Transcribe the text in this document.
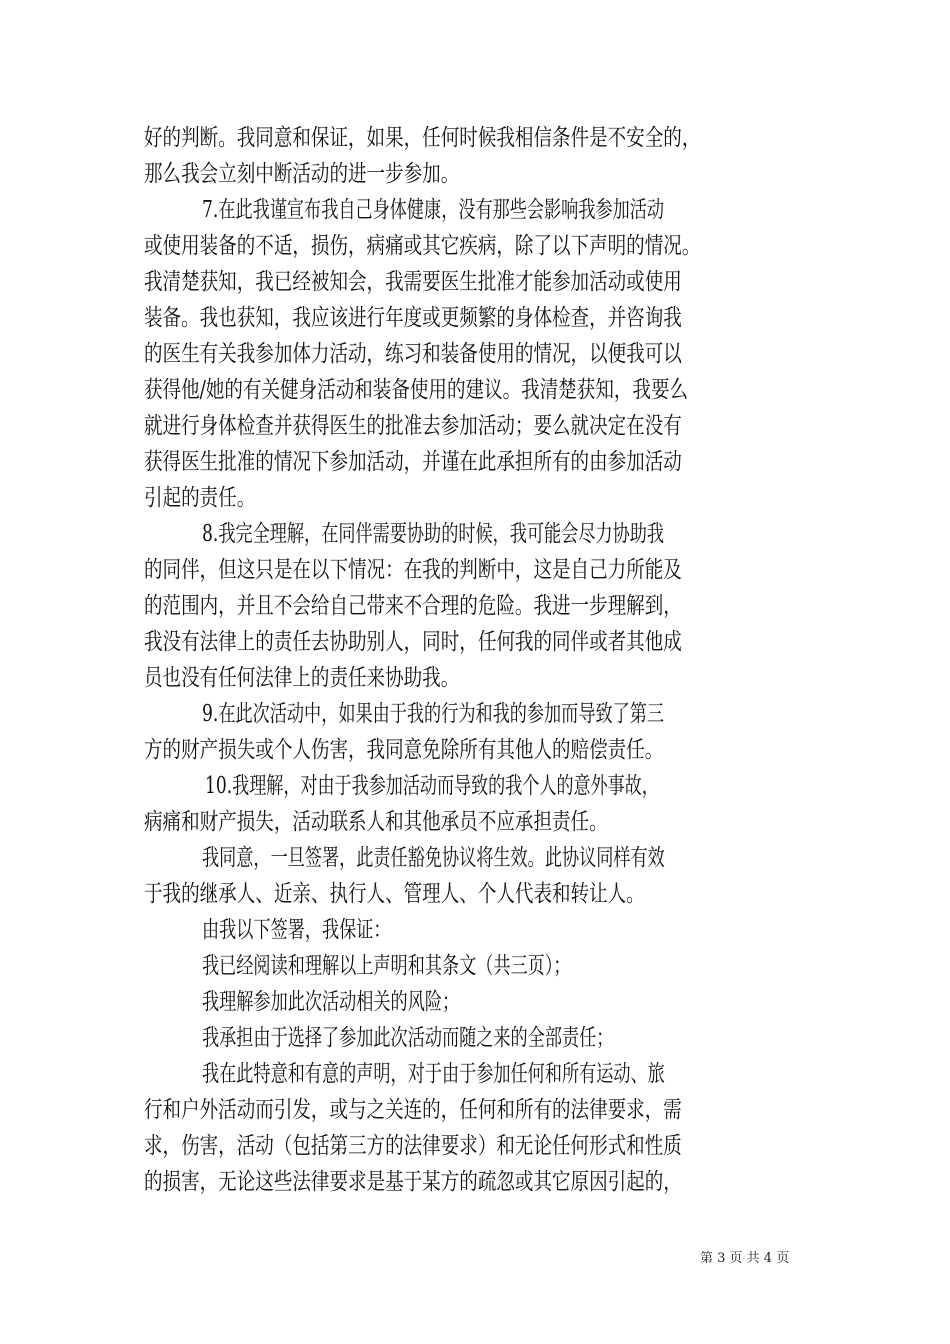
好的判断。我同意和保证，如果，任何时候我相信条件是不安全的，
那么我会立刻中断活动的进一步参加。
7.在此我谨宣布我自己身体健康，没有那些会影响我参加活动
或使用装备的不适，损伤，病痛或其它疾病，除了以下声明的情况。
我清楚获知，我已经被知会，我需要医生批准才能参加活动或使用
装备。我也获知，我应该进行年度或更频繁的身体检查，并咨询我
的医生有关我参加体力活动，练习和装备使用的情况，以便我可以
获得他/她的有关健身活动和装备使用的建议。我清楚获知，我要么
就进行身体检查并获得医生的批准去参加活动；要么就决定在没有
获得医生批准的情况下参加活动，并谨在此承担所有的由参加活动
引起的责任。
8.我完全理解，在同伴需要协助的时候，我可能会尽力协助我
的同伴，但这只是在以下情况：在我的判断中，这是自己力所能及
的范围内，并且不会给自己带来不合理的危险。我进一步理解到，
我没有法律上的责任去协助别人，同时，任何我的同伴或者其他成
员也没有任何法律上的责任来协助我。
9.在此次活动中，如果由于我的行为和我的参加而导致了第三
方的财产损失或个人伤害，我同意免除所有其他人的赔偿责任。
10.我理解，对由于我参加活动而导致的我个人的意外事故，
病痛和财产损失，活动联系人和其他承员不应承担责任。
我同意，一旦签署，此责任豁免协议将生效。此协议同样有效
于我的继承人、近亲、执行人、管理人、个人代表和转让人。
由我以下签署，我保证：
我已经阅读和理解以上声明和其条文（共三页）；
我理解参加此次活动相关的风险；
我承担由于选择了参加此次活动而随之来的全部责任；
我在此特意和有意的声明，对于由于参加任何和所有运动、旅
行和户外活动而引发，或与之关连的，任何和所有的法律要求，需
求，伤害，活动（包括第三方的法律要求）和无论任何形式和性质
的损害，无论这些法律要求是基于某方的疏忽或其它原因引起的，
第 3 页 共 4 页
